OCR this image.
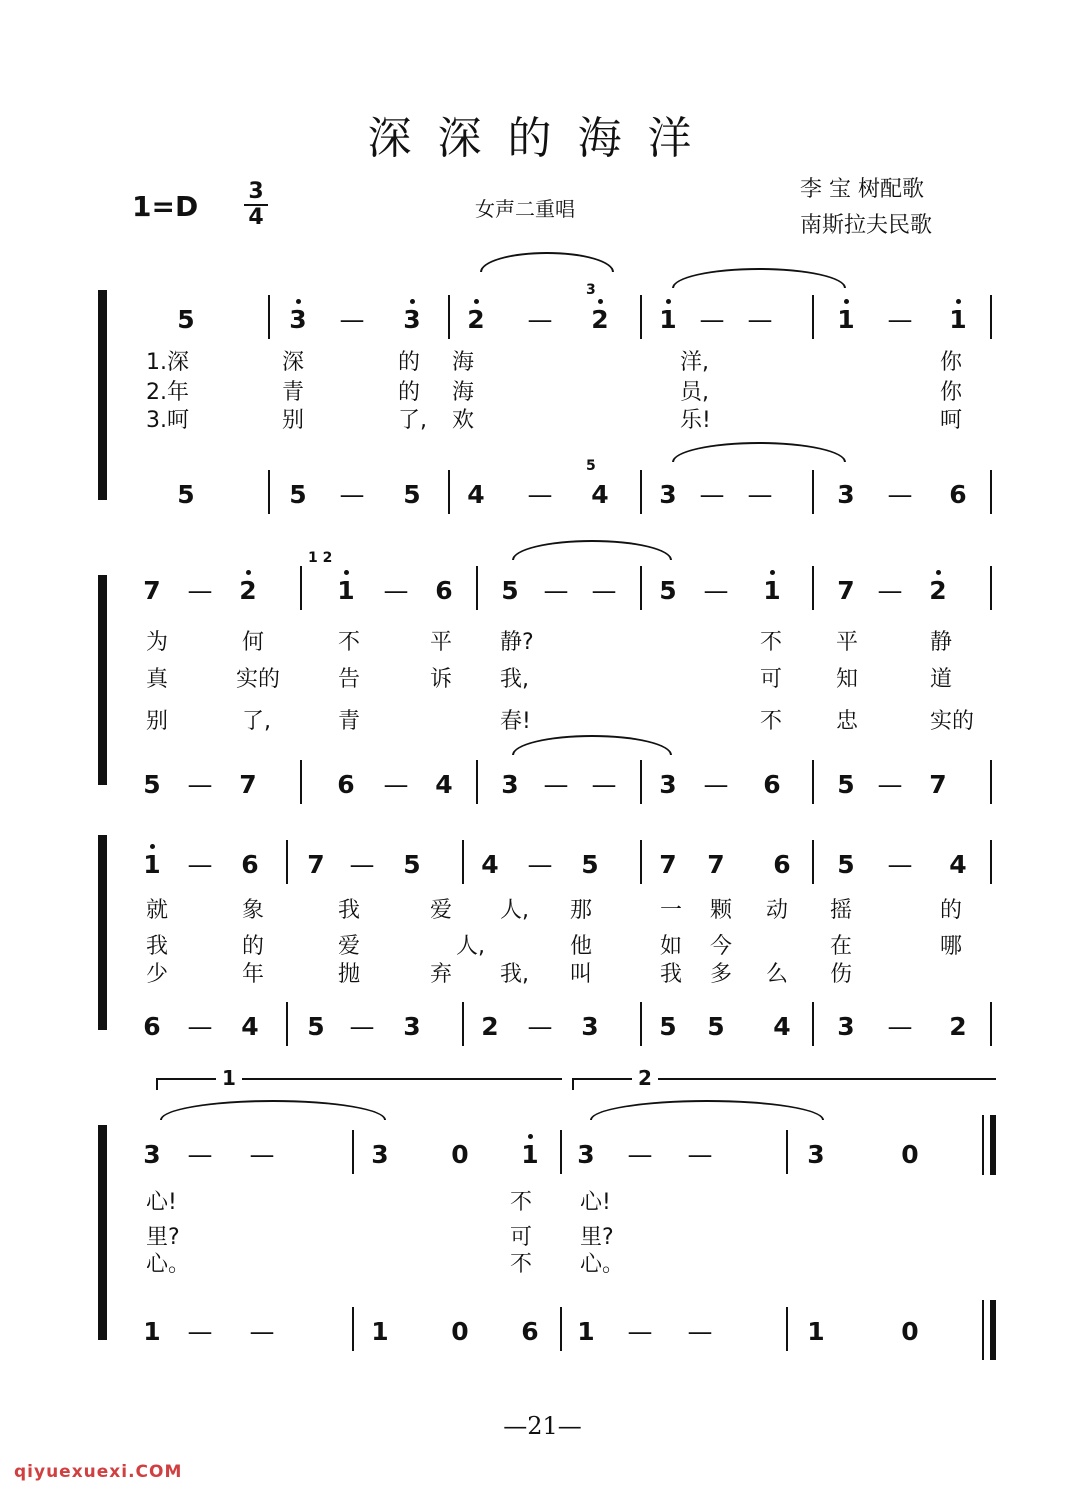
深深的海洋
1=D	3
4	女声二重唱
李 宝 树配歌
南斯拉夫民歌
5	3 — 3 2 — 2 1 — —	1 — 1
5	5 — 5 4 — 4 3 — —	3 — 6
1.深	深	的 海	洋,	你
2.年	青	的 海	员,	你
3.呵	别	了, 欢	乐!	呵
3
5
7 — 2	1 — 6 5 — — 5 — 1 7 — 2
5 — 7	6 — 4 3 — — 3 — 6 5 — 7
为	何	不	平 静?	不 平	静
真	实的	告	诉 我,	可 知	道
别	了,	青	春!	不 忠	实的
1 2
1 — 6 7 — 5 4 — 5 7 7 6 5 — 4
6 — 4 5 — 3 2 — 3 5 5 4 3 — 2
就	象	我	爱 人, 那	一 颗 动 摇	的
我	的	爱	人,	他	如 今	在	哪
少	年	抛	弃 我, 叫	我 多 么 伤
3 — —	3	0 1 3 — —	3	0
1 — —	1	0 6 1 — —	1	0
心!	不 心!
里?	可 里?
心。	不 心。
1	2
—21—
qiyuexuexi.COM
